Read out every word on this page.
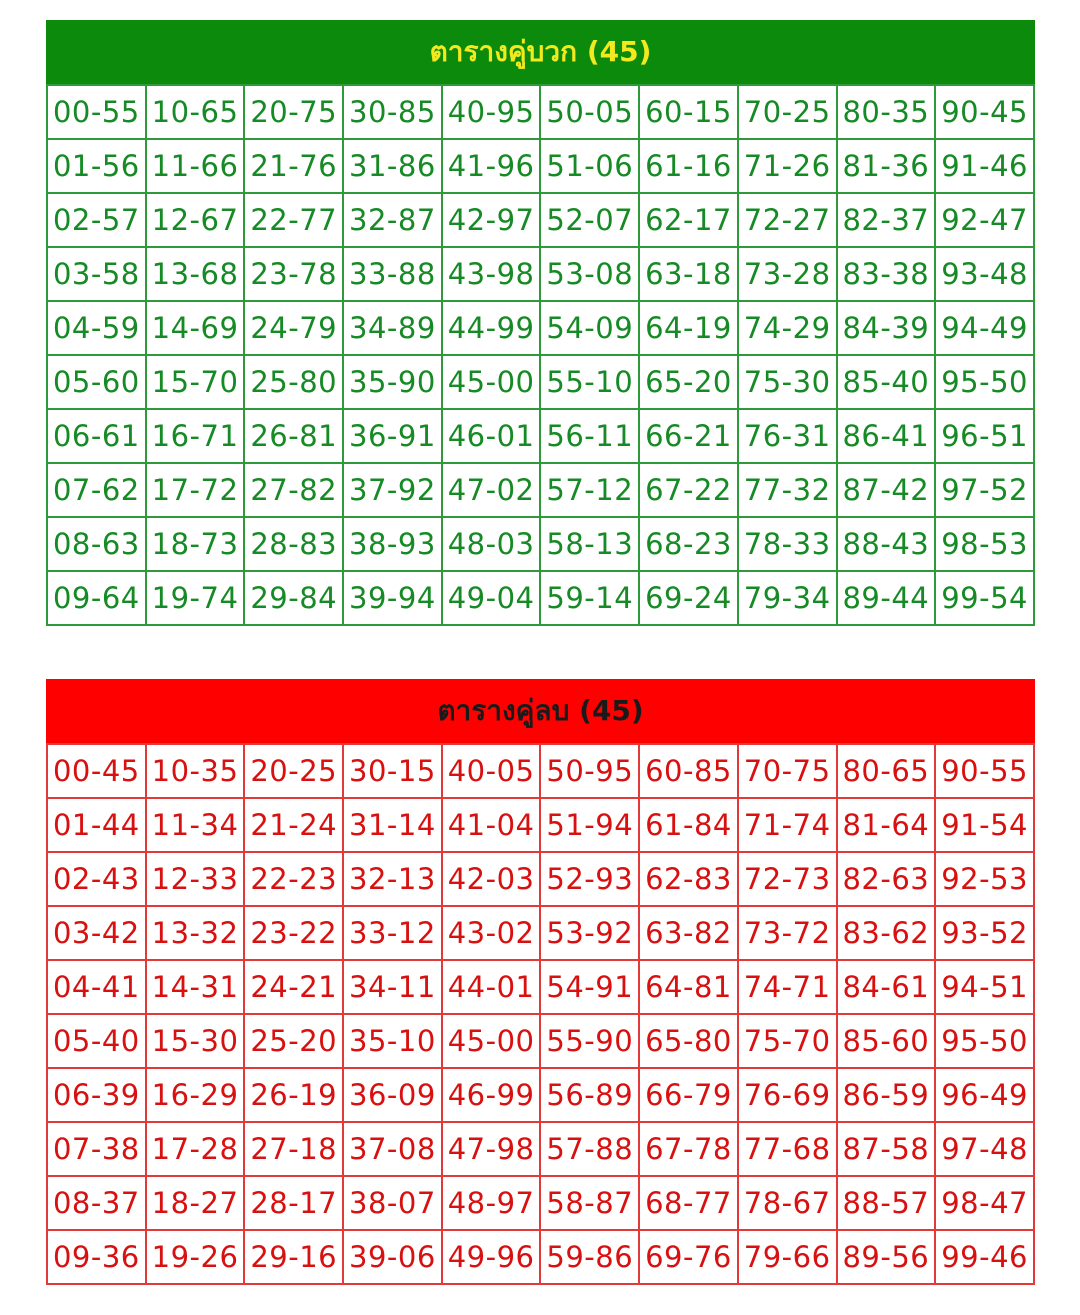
ตารางคู่บวก (45)
00-55	10-65	20-75	30-85	40-95	50-05	60-15	70-25	80-35	90-45
01-56	11-66	21-76	31-86	41-96	51-06	61-16	71-26	81-36	91-46
02-57	12-67	22-77	32-87	42-97	52-07	62-17	72-27	82-37	92-47
03-58	13-68	23-78	33-88	43-98	53-08	63-18	73-28	83-38	93-48
04-59	14-69	24-79	34-89	44-99	54-09	64-19	74-29	84-39	94-49
05-60	15-70	25-80	35-90	45-00	55-10	65-20	75-30	85-40	95-50
06-61	16-71	26-81	36-91	46-01	56-11	66-21	76-31	86-41	96-51
07-62	17-72	27-82	37-92	47-02	57-12	67-22	77-32	87-42	97-52
08-63	18-73	28-83	38-93	48-03	58-13	68-23	78-33	88-43	98-53
09-64	19-74	29-84	39-94	49-04	59-14	69-24	79-34	89-44	99-54
ตารางคู่ลบ (45)
00-45	10-35	20-25	30-15	40-05	50-95	60-85	70-75	80-65	90-55
01-44	11-34	21-24	31-14	41-04	51-94	61-84	71-74	81-64	91-54
02-43	12-33	22-23	32-13	42-03	52-93	62-83	72-73	82-63	92-53
03-42	13-32	23-22	33-12	43-02	53-92	63-82	73-72	83-62	93-52
04-41	14-31	24-21	34-11	44-01	54-91	64-81	74-71	84-61	94-51
05-40	15-30	25-20	35-10	45-00	55-90	65-80	75-70	85-60	95-50
06-39	16-29	26-19	36-09	46-99	56-89	66-79	76-69	86-59	96-49
07-38	17-28	27-18	37-08	47-98	57-88	67-78	77-68	87-58	97-48
08-37	18-27	28-17	38-07	48-97	58-87	68-77	78-67	88-57	98-47
09-36	19-26	29-16	39-06	49-96	59-86	69-76	79-66	89-56	99-46
